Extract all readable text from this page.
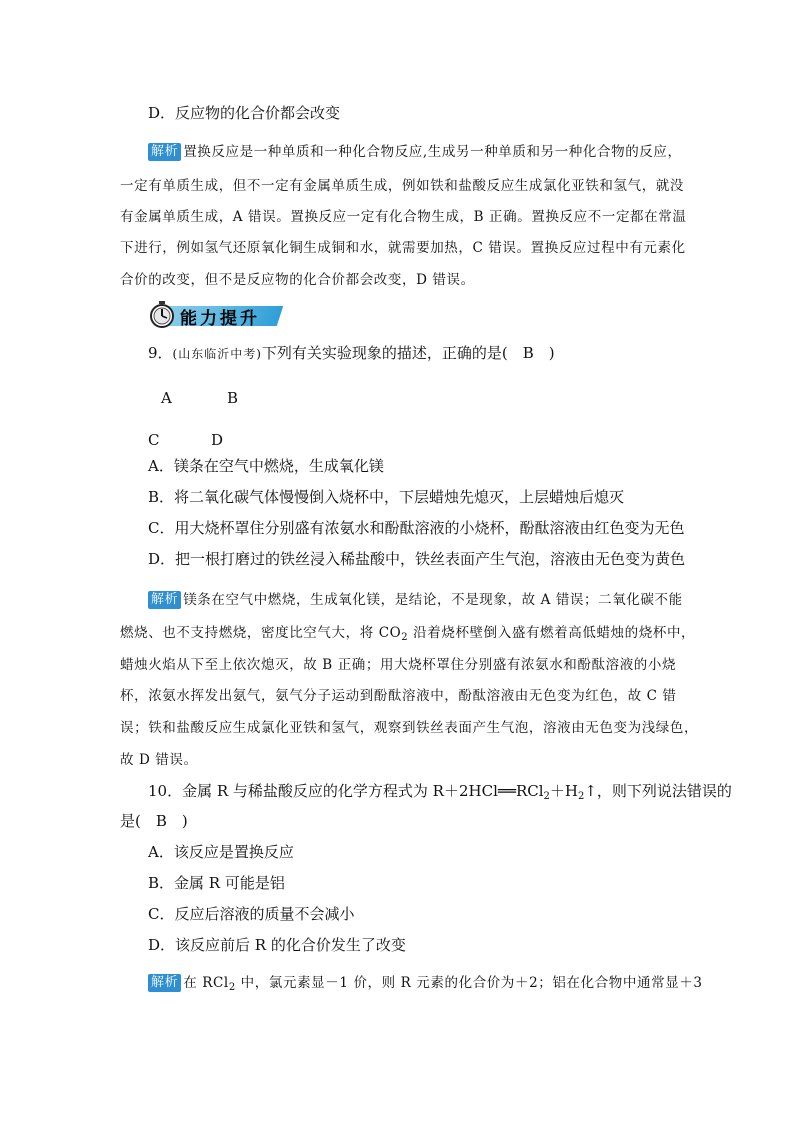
D．反应物的化合价都会改变
解析 置换反应是一种单质和一种化合物反应,生成另一种单质和另一种化合物的反应，
一定有单质生成，但不一定有金属单质生成，例如铁和盐酸反应生成氯化亚铁和氢气，就没
有金属单质生成，A 错误。置换反应一定有化合物生成，B 正确。置换反应不一定都在常温
下进行，例如氢气还原氧化铜生成铜和水，就需要加热，C 错误。置换反应过程中有元素化
合价的改变，但不是反应物的化合价都会改变，D 错误。
能力提升
9．(山东临沂中考)下列有关实验现象的描述，正确的是(　B　)
A	B
C	D
A．镁条在空气中燃烧，生成氧化镁
B．将二氧化碳气体慢慢倒入烧杯中，下层蜡烛先熄灭，上层蜡烛后熄灭
C．用大烧杯罩住分别盛有浓氨水和酚酞溶液的小烧杯，酚酞溶液由红色变为无色
D．把一根打磨过的铁丝浸入稀盐酸中，铁丝表面产生气泡，溶液由无色变为黄色
解析 镁条在空气中燃烧，生成氧化镁，是结论，不是现象，故 A 错误；二氧化碳不能
燃烧、也不支持燃烧，密度比空气大，将 $CO_2$ 沿着烧杯壁倒入盛有燃着高低蜡烛的烧杯中，
蜡烛火焰从下至上依次熄灭，故 B 正确；用大烧杯罩住分别盛有浓氨水和酚酞溶液的小烧
杯，浓氨水挥发出氨气，氨气分子运动到酚酞溶液中，酚酞溶液由无色变为红色，故 C 错
误；铁和盐酸反应生成氯化亚铁和氢气，观察到铁丝表面产生气泡，溶液由无色变为浅绿色，
故 D 错误。
10．金属 R 与稀盐酸反应的化学方程式为 $R+2HCl══RCl_2+H_2↑$，则下列说法错误的
是(　B　)
A．该反应是置换反应
B．金属 R 可能是铝
C．反应后溶液的质量不会减小
D．该反应前后 R 的化合价发生了改变
解析 在 RCl$_2$ 中，氯元素显－1 价，则 R 元素的化合价为＋2；铝在化合物中通常显＋3
